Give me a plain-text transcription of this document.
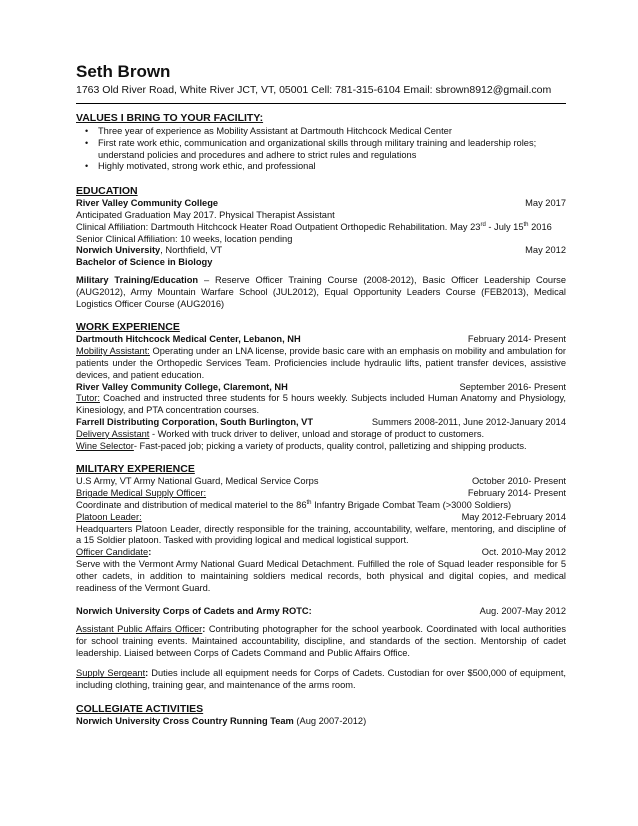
Seth Brown
1763 Old River Road, White River JCT, VT, 05001 Cell: 781-315-6104 Email: sbrown8912@gmail.com
VALUES I BRING TO YOUR FACILITY:
• Three year of experience as Mobility Assistant at Dartmouth Hitchcock Medical Center
• First rate work ethic, communication and organizational skills through military training and leadership roles; understand policies and procedures and adhere to strict rules and regulations
• Highly motivated, strong work ethic, and professional
EDUCATION
River Valley Community College	May 2017
Anticipated Graduation May 2017. Physical Therapist Assistant
Clinical Affiliation: Dartmouth Hitchcock Heater Road Outpatient Orthopedic Rehabilitation. May 23rd - July 15th 2016
Senior Clinical Affiliation: 10 weeks, location pending
Norwich University, Northfield, VT	May 2012
Bachelor of Science in Biology
Military Training/Education – Reserve Officer Training Course (2008-2012), Basic Officer Leadership Course (AUG2012), Army Mountain Warfare School (JUL2012), Equal Opportunity Leaders Course (FEB2013), Medical Logistics Officer Course (AUG2016)
WORK EXPERIENCE
Dartmouth Hitchcock Medical Center, Lebanon, NH	February 2014- Present
Mobility Assistant: Operating under an LNA license, provide basic care with an emphasis on mobility and ambulation for patients under the Orthopedic Services Team. Proficiencies include hydraulic lifts, patient transfer devices, assistive devices, and patient education.
River Valley Community College, Claremont, NH	September 2016- Present
Tutor: Coached and instructed three students for 5 hours weekly. Subjects included Human Anatomy and Physiology, Kinesiology, and PTA concentration courses.
Farrell Distributing Corporation, South Burlington, VT	Summers 2008-2011, June 2012-January 2014
Delivery Assistant - Worked with truck driver to deliver, unload and storage of product to customers.
Wine Selector- Fast-paced job; picking a variety of products, quality control, palletizing and shipping products.
MILITARY EXPERIENCE
U.S Army, VT Army National Guard, Medical Service Corps	October 2010- Present
Brigade Medical Supply Officer:	February 2014- Present
Coordinate and distribution of medical materiel to the 86th Infantry Brigade Combat Team (>3000 Soldiers)
Platoon Leader:	May 2012-February 2014
Headquarters Platoon Leader, directly responsible for the training, accountability, welfare, mentoring, and discipline of a 15 Soldier platoon. Tasked with providing logical and medical logistical support.
Officer Candidate:	Oct. 2010-May 2012
Serve with the Vermont Army National Guard Medical Detachment. Fulfilled the role of Squad leader responsible for 5 other cadets, in addition to maintaining soldiers medical records, both physical and digital copies, and medical readiness of the Vermont Guard.
Norwich University Corps of Cadets and Army ROTC:	Aug. 2007-May 2012
Assistant Public Affairs Officer: Contributing photographer for the school yearbook. Coordinated with local authorities for school training events. Maintained accountability, discipline, and standards of the section. Mentorship of cadet leadership. Liaised between Corps of Cadets Command and Public Affairs Office.
Supply Sergeant: Duties include all equipment needs for Corps of Cadets. Custodian for over $500,000 of equipment, including clothing, training gear, and maintenance of the arms room.
COLLEGIATE ACTIVITIES
Norwich University Cross Country Running Team (Aug 2007-2012)
